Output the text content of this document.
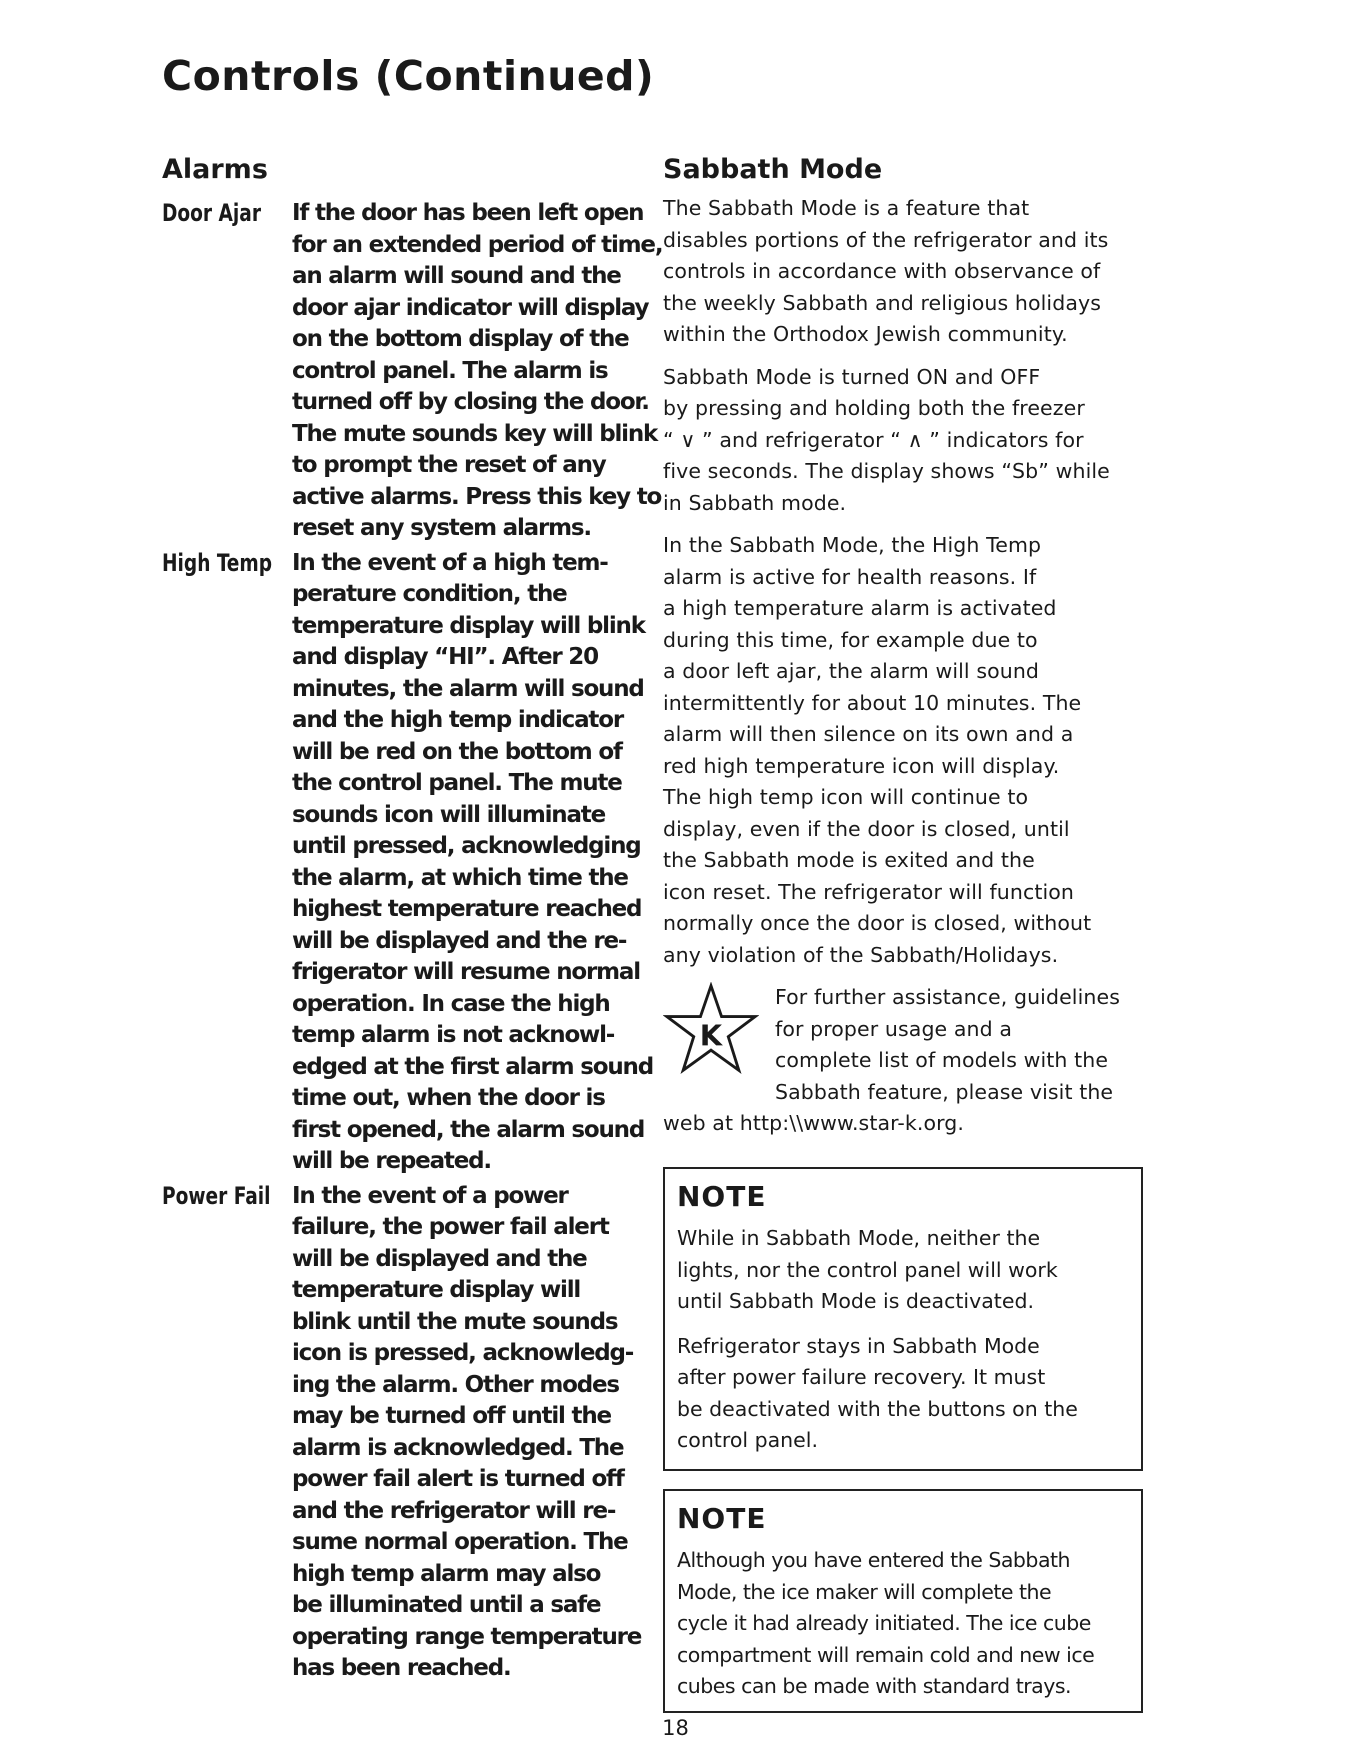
Controls (Continued)
Alarms
Door Ajar	If the door has been left open
for an extended period of time,
an alarm will sound and the
door ajar indicator will display
on the bottom display of the
control panel. The alarm is
turned off by closing the door.
The mute sounds key will blink
to prompt the reset of any
active alarms. Press this key to
reset any system alarms.
High Temp In the event of a high tem-
perature condition, the
temperature display will blink
and display “HI”. After 20
minutes, the alarm will sound
and the high temp indicator
will be red on the bottom of
the control panel. The mute
sounds icon will illuminate
until pressed, acknowledging
the alarm, at which time the
highest temperature reached
will be displayed and the re-
frigerator will resume normal
operation. In case the high
temp alarm is not acknowl-
edged at the first alarm sound
time out, when the door is
first opened, the alarm sound
will be repeated.
Power Fail In the event of a power
failure, the power fail alert
will be displayed and the
temperature display will
blink until the mute sounds
icon is pressed, acknowledg-
ing the alarm. Other modes
may be turned off until the
alarm is acknowledged. The
power fail alert is turned off
and the refrigerator will re-
sume normal operation. The
high temp alarm may also
be illuminated until a safe
operating range temperature
has been reached.
Sabbath Mode
The Sabbath Mode is a feature that
disables portions of the refrigerator and its
controls in accordance with observance of
the weekly Sabbath and religious holidays
within the Orthodox Jewish community.
Sabbath Mode is turned ON and OFF
by pressing and holding both the freezer
“ ∨ ” and refrigerator “ ∧ ” indicators for
five seconds. The display shows “Sb” while
in Sabbath mode.
In the Sabbath Mode, the High Temp
alarm is active for health reasons. If
a high temperature alarm is activated
during this time, for example due to
a door left ajar, the alarm will sound
intermittently for about 10 minutes. The
alarm will then silence on its own and a
red high temperature icon will display.
The high temp icon will continue to
display, even if the door is closed, until
the Sabbath mode is exited and the
icon reset. The refrigerator will function
normally once the door is closed, without
any violation of the Sabbath/Holidays.
K
For further assistance, guidelines
for proper usage and a
complete list of models with the
Sabbath feature, please visit the
web at http:\\www.star-k.org.
NOTE
While in Sabbath Mode, neither the
lights, nor the control panel will work
until Sabbath Mode is deactivated.
Refrigerator stays in Sabbath Mode
after power failure recovery. It must
be deactivated with the buttons on the
control panel.
NOTE
Although you have entered the Sabbath
Mode, the ice maker will complete the
cycle it had already initiated. The ice cube
compartment will remain cold and new ice
cubes can be made with standard trays.
18
